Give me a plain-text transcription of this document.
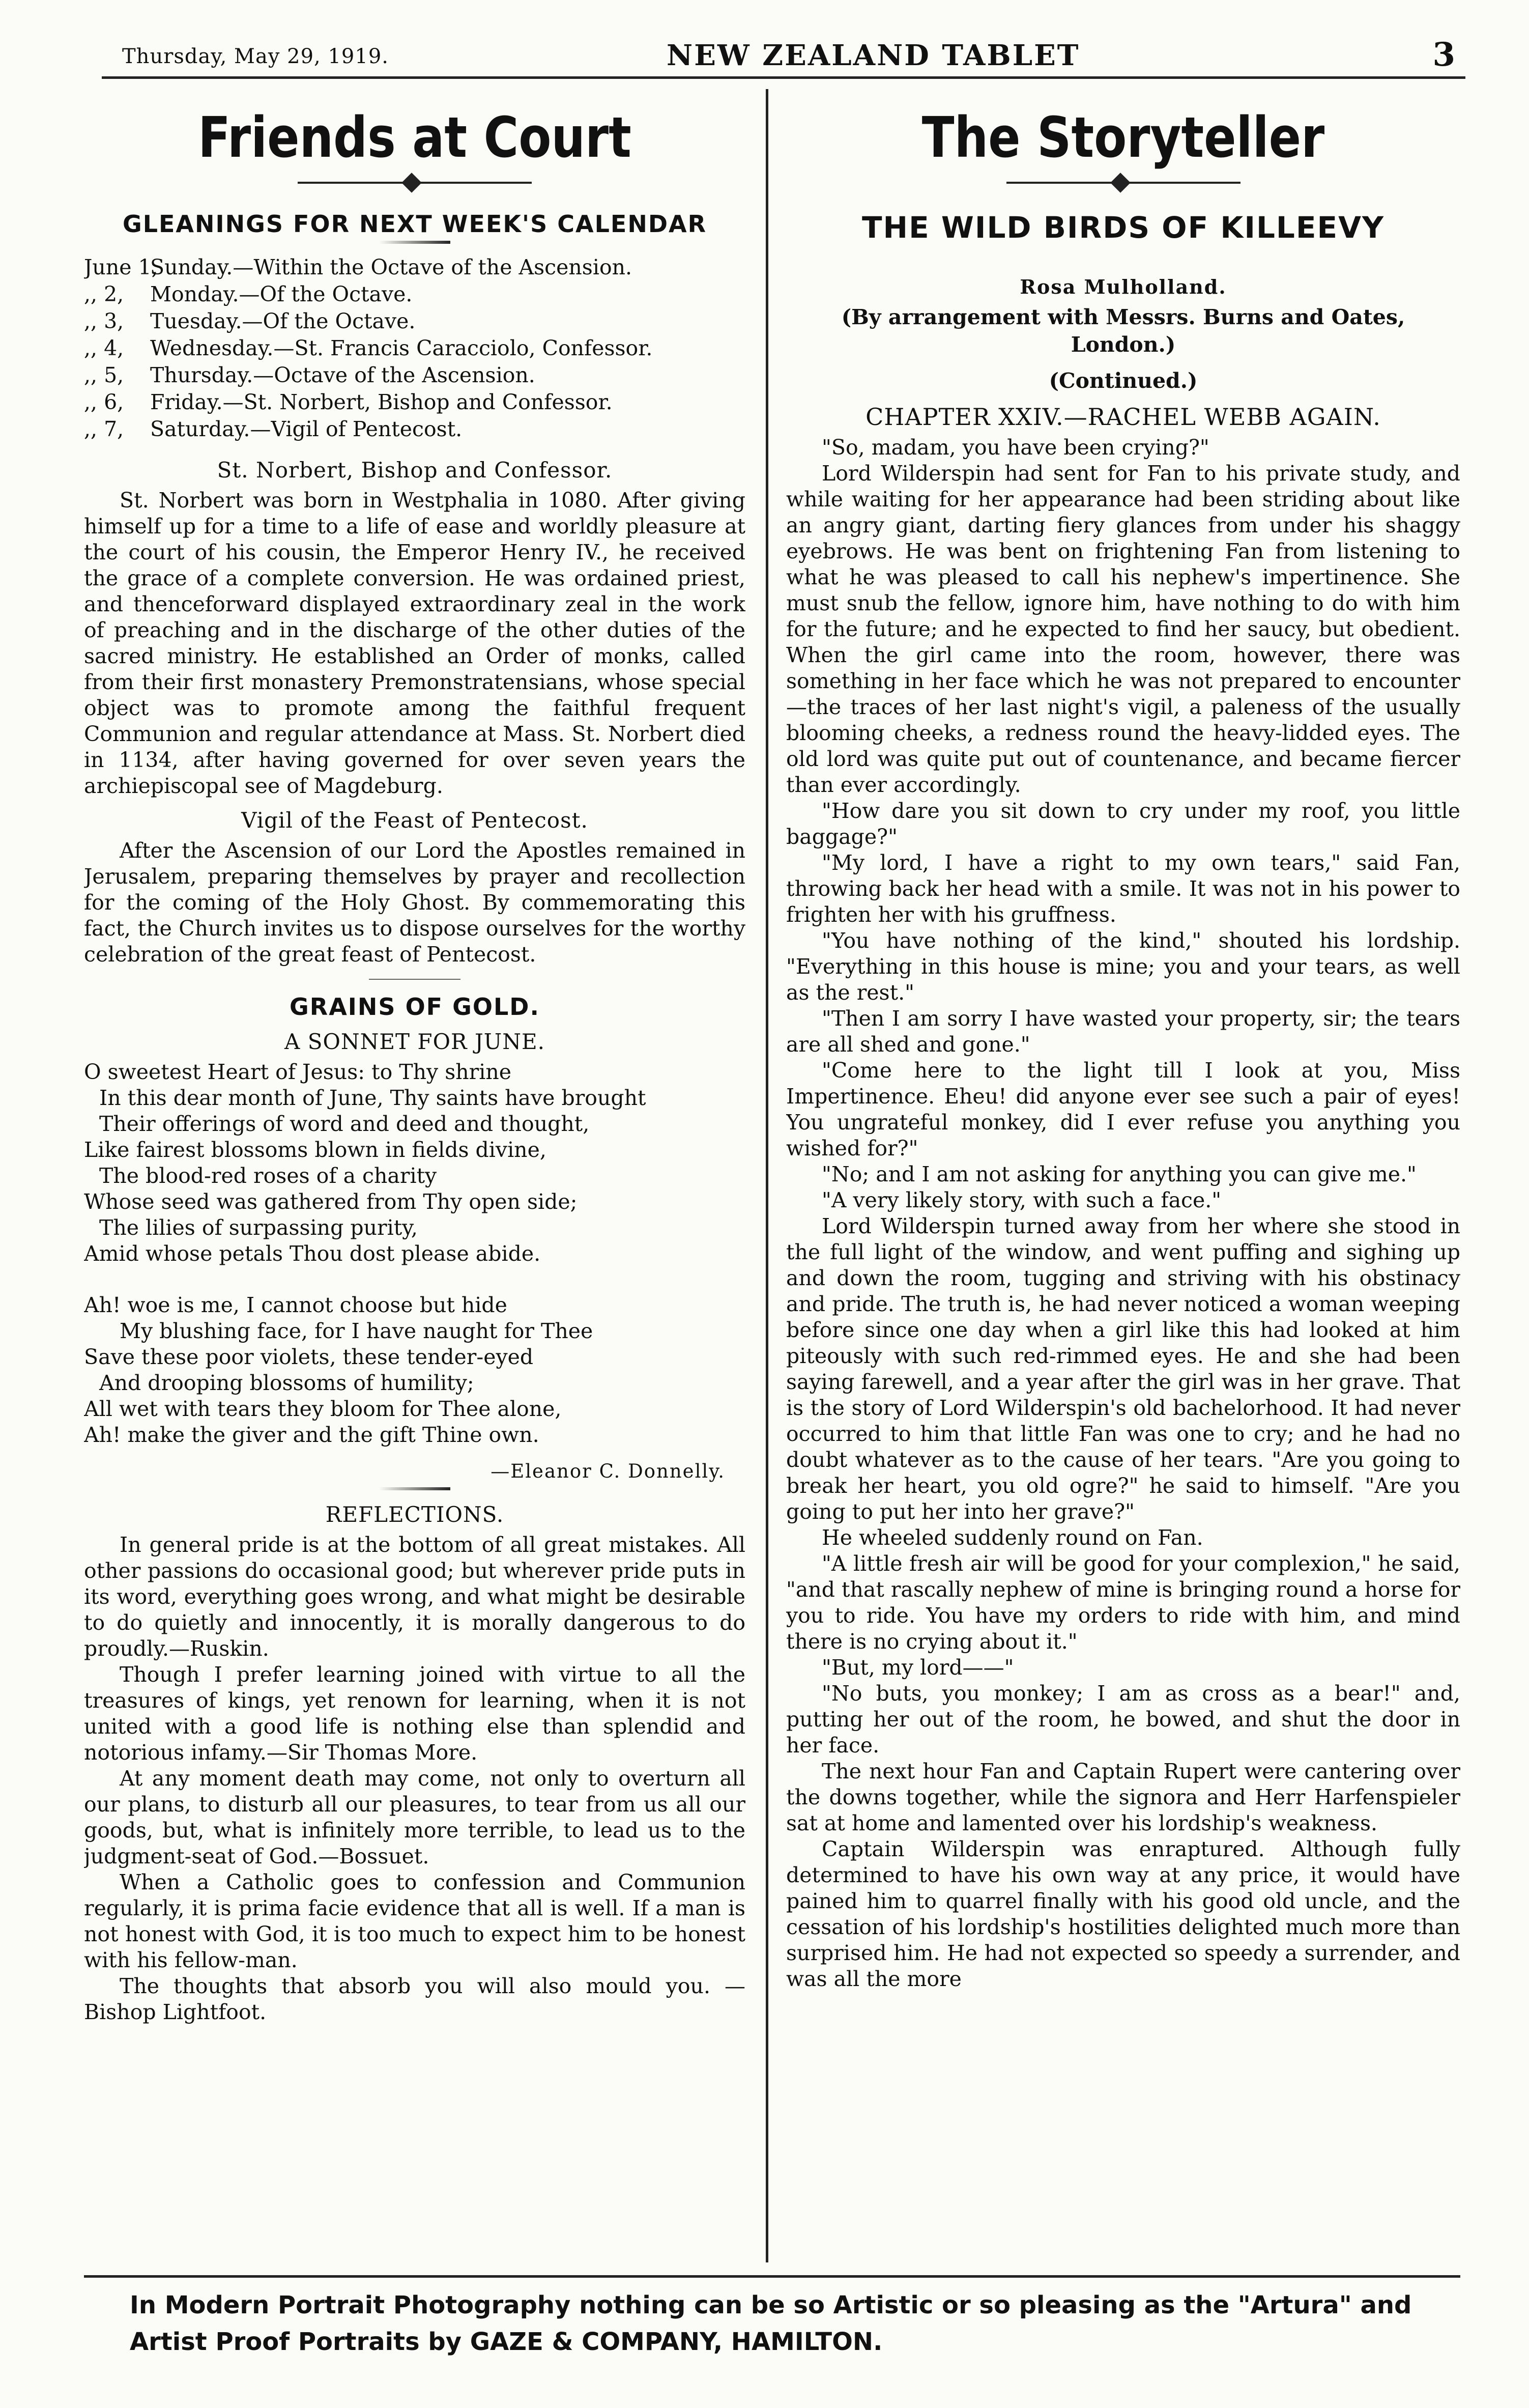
Thursday, May 29, 1919.	NEW ZEALAND TABLET	3
Friends at Court
GLEANINGS FOR NEXT WEEK'S CALENDAR
June 1,Sunday.—Within the Octave of the Ascension.
,, 2, Monday.—Of the Octave.
,, 3, Tuesday.—Of the Octave.
,, 4, Wednesday.—St. Francis Caracciolo, Confessor.
,, 5, Thursday.—Octave of the Ascension.
,, 6, Friday.—St. Norbert, Bishop and Confessor.
,, 7, Saturday.—Vigil of Pentecost.
St. Norbert, Bishop and Confessor.

St. Norbert was born in Westphalia in 1080. After giving himself up for a time to a life of ease and worldly pleasure at the court of his cousin, the Emperor Henry IV., he received the grace of a complete conversion. He was ordained priest, and thenceforward displayed extraordinary zeal in the work of preaching and in the discharge of the other duties of the sacred ministry. He established an Order of monks, called from their first monastery Premonstratensians, whose special object was to promote among the faithful frequent Communion and regular attendance at Mass. St. Norbert died in 1134, after having governed for over seven years the archiepiscopal see of Magdeburg.

Vigil of the Feast of Pentecost.

After the Ascension of our Lord the Apostles remained in Jerusalem, preparing themselves by prayer and recollection for the coming of the Holy Ghost. By commemorating this fact, the Church invites us to dispose ourselves for the worthy celebration of the great feast of Pentecost.

GRAINS OF GOLD.
A SONNET FOR JUNE.
O sweetest Heart of Jesus: to Thy shrine
In this dear month of June, Thy saints have brought
Their offerings of word and deed and thought,
Like fairest blossoms blown in fields divine,
The blood-red roses of a charity
Whose seed was gathered from Thy open side;
The lilies of surpassing purity,
Amid whose petals Thou dost please abide.
Ah! woe is me, I cannot choose but hide
My blushing face, for I have naught for Thee
Save these poor violets, these tender-eyed
And drooping blossoms of humility;
All wet with tears they bloom for Thee alone,
Ah! make the giver and the gift Thine own.
—Eleanor C. Donnelly.
REFLECTIONS.

In general pride is at the bottom of all great mistakes. All other passions do occasional good; but wherever pride puts in its word, everything goes wrong, and what might be desirable to do quietly and innocently, it is morally dangerous to do proudly.—Ruskin.

Though I prefer learning joined with virtue to all the treasures of kings, yet renown for learning, when it is not united with a good life is nothing else than splendid and notorious infamy.—Sir Thomas More.

At any moment death may come, not only to overturn all our plans, to disturb all our pleasures, to tear from us all our goods, but, what is infinitely more terrible, to lead us to the judgment-seat of God.—Bossuet.

When a Catholic goes to confession and Communion regularly, it is prima facie evidence that all is well. If a man is not honest with God, it is too much to expect him to be honest with his fellow-man.

The thoughts that absorb you will also mould you. —Bishop Lightfoot.

The Storyteller
THE WILD BIRDS OF KILLEEVY
Rosa Mulholland.
(By arrangement with Messrs. Burns and Oates, London.)
(Continued.)
CHAPTER XXIV.—RACHEL WEBB AGAIN.

"So, madam, you have been crying?"

Lord Wilderspin had sent for Fan to his private study, and while waiting for her appearance had been striding about like an angry giant, darting fiery glances from under his shaggy eyebrows. He was bent on frightening Fan from listening to what he was pleased to call his nephew's impertinence. She must snub the fellow, ignore him, have nothing to do with him for the future; and he expected to find her saucy, but obedient. When the girl came into the room, however, there was something in her face which he was not prepared to encounter—the traces of her last night's vigil, a paleness of the usually blooming cheeks, a redness round the heavy-lidded eyes. The old lord was quite put out of countenance, and became fiercer than ever accordingly.

"How dare you sit down to cry under my roof, you little baggage?"

"My lord, I have a right to my own tears," said Fan, throwing back her head with a smile. It was not in his power to frighten her with his gruffness.

"You have nothing of the kind," shouted his lordship. "Everything in this house is mine; you and your tears, as well as the rest."

"Then I am sorry I have wasted your property, sir; the tears are all shed and gone."

"Come here to the light till I look at you, Miss Impertinence. Eheu! did anyone ever see such a pair of eyes! You ungrateful monkey, did I ever refuse you anything you wished for?"

"No; and I am not asking for anything you can give me."

"A very likely story, with such a face."

Lord Wilderspin turned away from her where she stood in the full light of the window, and went puffing and sighing up and down the room, tugging and striving with his obstinacy and pride. The truth is, he had never noticed a woman weeping before since one day when a girl like this had looked at him piteously with such red-rimmed eyes. He and she had been saying farewell, and a year after the girl was in her grave. That is the story of Lord Wilderspin's old bachelorhood. It had never occurred to him that little Fan was one to cry; and he had no doubt whatever as to the cause of her tears. "Are you going to break her heart, you old ogre?" he said to himself. "Are you going to put her into her grave?"

He wheeled suddenly round on Fan.

"A little fresh air will be good for your complexion," he said, "and that rascally nephew of mine is bringing round a horse for you to ride. You have my orders to ride with him, and mind there is no crying about it."

"But, my lord——"

"No buts, you monkey; I am as cross as a bear!" and, putting her out of the room, he bowed, and shut the door in her face.

The next hour Fan and Captain Rupert were cantering over the downs together, while the signora and Herr Harfenspieler sat at home and lamented over his lordship's weakness.

Captain Wilderspin was enraptured. Although fully determined to have his own way at any price, it would have pained him to quarrel finally with his good old uncle, and the cessation of his lordship's hostilities delighted much more than surprised him. He had not expected so speedy a surrender, and was all the more

In Modern Portrait Photography nothing can be so Artistic or so pleasing as the "Artura" and
Artist Proof Portraits by GAZE & COMPANY, HAMILTON.
